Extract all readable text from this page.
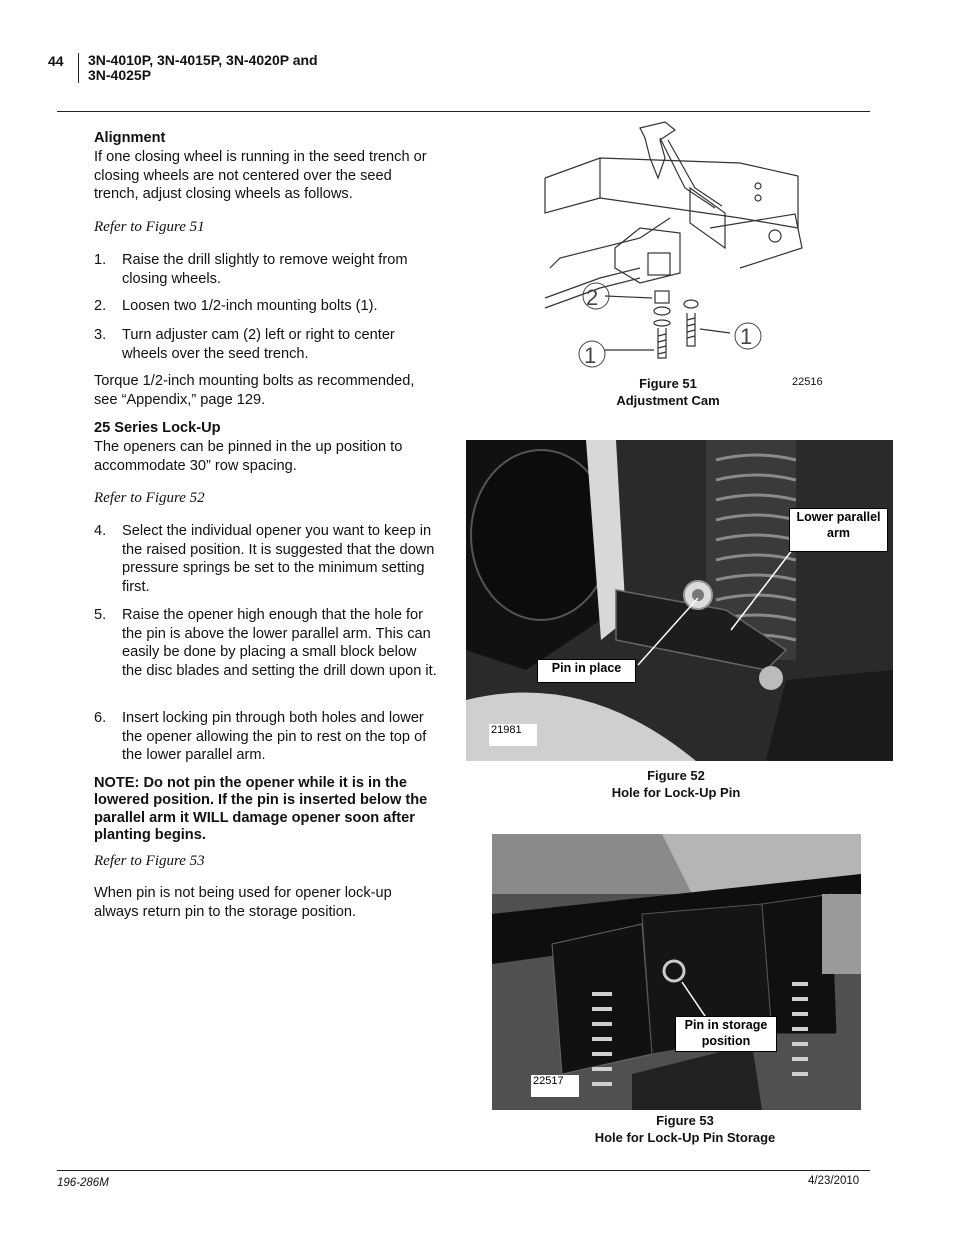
44 3N-4010P, 3N-4015P, 3N-4020P and
3N-4025P
Alignment
If one closing wheel is running in the seed trench or closing wheels are not centered over the seed trench, adjust closing wheels as follows.
Refer to Figure 51
1. Raise the drill slightly to remove weight from closing wheels.
2. Loosen two 1/2-inch mounting bolts (1).
3. Turn adjuster cam (2) left or right to center wheels over the seed trench.
Torque 1/2-inch mounting bolts as recommended, see “Appendix,” page 129.
25 Series Lock-Up
The openers can be pinned in the up position to accommodate 30” row spacing.
Refer to Figure 52
4. Select the individual opener you want to keep in the raised position. It is suggested that the down pressure springs be set to the minimum setting first.
5. Raise the opener high enough that the hole for the pin is above the lower parallel arm. This can easily be done by placing a small block below the disc blades and setting the drill down upon it.
6. Insert locking pin through both holes and lower the opener allowing the pin to rest on the top of the lower parallel arm.
NOTE: Do not pin the opener while it is in the lowered position. If the pin is inserted below the parallel arm it WILL damage opener soon after planting begins.
Refer to Figure 53
When pin is not being used for opener lock-up always return pin to the storage position.
2
1
1
Figure 51
Adjustment Cam
22516
Lower parallel arm
Pin in place
21981
Figure 52
Hole for Lock-Up Pin
Pin in storage position
22517
Figure 53
Hole for Lock-Up Pin Storage
196-286M	4/23/2010
